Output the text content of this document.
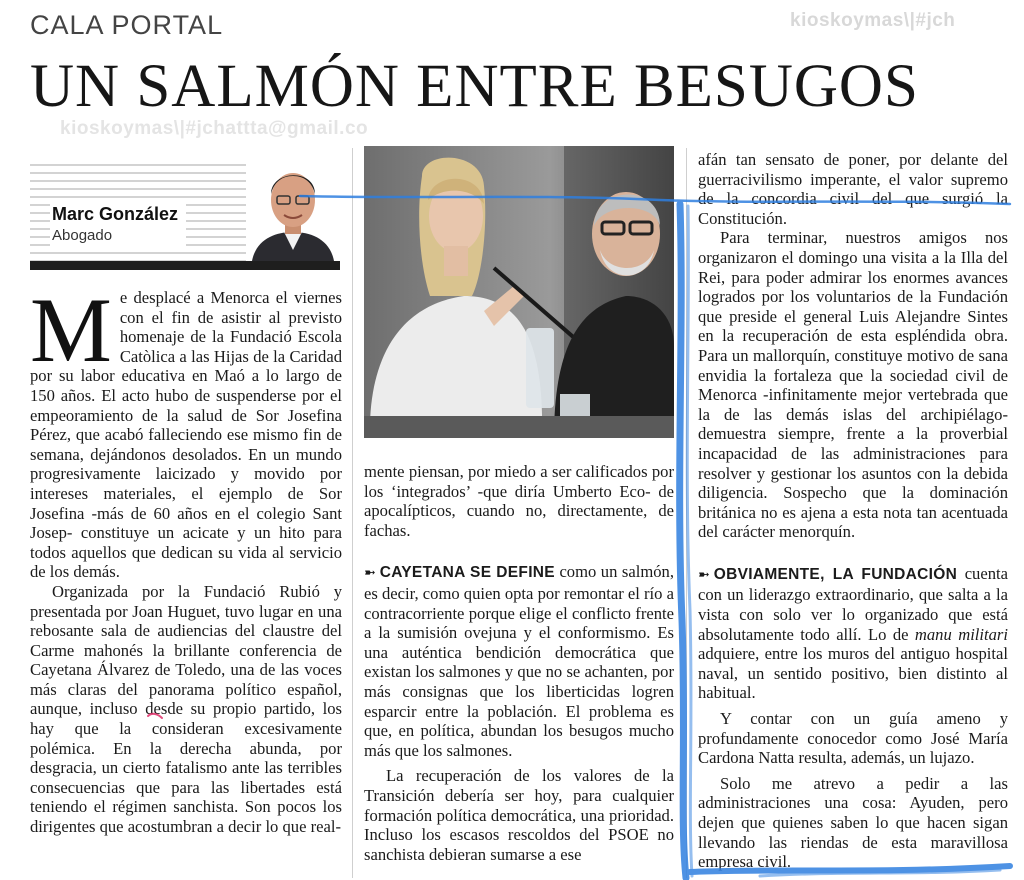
CALA PORTAL	kioskoymas\|#jch
UN SALMÓN ENTRE BESUGOS
kioskoymas\|#jchattta@gmail.co
Marc González
Abogado

Me desplacé a Menorca el viernes con el fin de asistir al previsto homenaje de la Fundació Escola Catòlica a las Hijas de la Caridad por su labor educativa en Maó a lo largo de 150 años. El acto hubo de suspenderse por el empeoramiento de la salud de Sor Josefina Pérez, que acabó falleciendo ese mismo fin de semana, dejándonos desolados. En un mundo progresivamente laicizado y movido por intereses materiales, el ejemplo de Sor Josefina -más de 60 años en el colegio Sant Josep- constituye un acicate y un hito para todos aquellos que dedican su vida al servicio de los demás.

Organizada por la Fundació Rubió y presentada por Joan Huguet, tuvo lugar en una rebosante sala de audiencias del claustre del Carme mahonés la brillante conferencia de Cayetana Álvarez de Toledo, una de las voces más claras del panorama político español, aunque, incluso desde su propio partido, los hay que la consideran excesivamente polémica. En la derecha abunda, por desgracia, un cierto fatalismo ante las terribles consecuencias que para las libertades está teniendo el régimen sanchista. Son pocos los dirigentes que acostumbran a decir lo que real-

mente piensan, por miedo a ser calificados por los ‘integrados’ -que diría Umberto Eco- de apocalípticos, cuando no, directamente, de fachas.

➼ CAYETANA SE DEFINE como un salmón, es decir, como quien opta por remontar el río a contracorriente porque elige el conflicto frente a la sumisión ovejuna y el conformismo. Es una auténtica bendición democrática que existan los salmones y que no se achanten, por más consignas que los liberticidas logren esparcir entre la población. El problema es que, en política, abundan los besugos mucho más que los salmones.

La recuperación de los valores de la Transición debería ser hoy, para cualquier formación política democrática, una prioridad. Incluso los escasos rescoldos del PSOE no sanchista debieran sumarse a ese

afán tan sensato de poner, por delante del guerracivilismo imperante, el valor supremo de la concordia civil del que surgió la Constitución.

Para terminar, nuestros amigos nos organizaron el domingo una visita a la Illa del Rei, para poder admirar los enormes avances logrados por los voluntarios de la Fundación que preside el general Luis Alejandre Sintes en la recuperación de esta espléndida obra. Para un mallorquín, constituye motivo de sana envidia la fortaleza que la sociedad civil de Menorca -infinitamente mejor vertebrada que la de las demás islas del archipiélago- demuestra siempre, frente a la proverbial incapacidad de las administraciones para resolver y gestionar los asuntos con la debida diligencia. Sospecho que la dominación británica no es ajena a esta nota tan acentuada del carácter menorquín.

➼ OBVIAMENTE, LA FUNDACIÓN cuenta con un liderazgo extraordinario, que salta a la vista con solo ver lo organizado que está absolutamente todo allí. Lo de manu militari adquiere, entre los muros del antiguo hospital naval, un sentido positivo, bien distinto al habitual.

Y contar con un guía ameno y profundamente conocedor como José María Cardona Natta resulta, además, un lujazo.

Solo me atrevo a pedir a las administraciones una cosa: Ayuden, pero dejen que quienes saben lo que hacen sigan llevando las riendas de esta maravillosa empresa civil.
